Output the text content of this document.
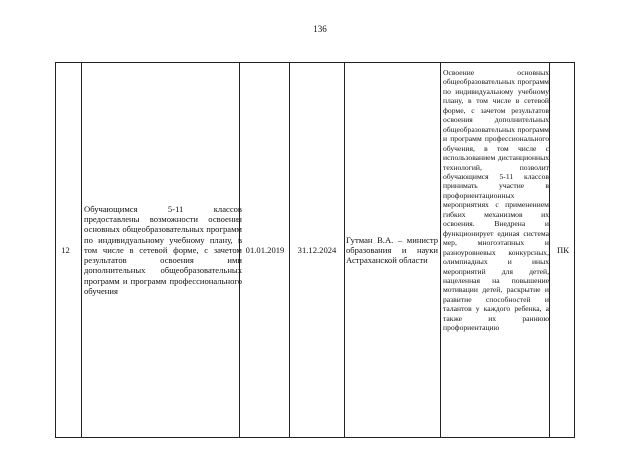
136
12
Обучающимся 5-11 классов предоставлены возможности освоения основных общеобразовательных программ по индивидуальному учебному плану, в том числе в сетевой форме, с зачетом результатов освоения ими дополнительных общеобразовательных программ и программ профессионального обучения
01.01.2019 31.12.2024
Гутман В.А. – министр образования и науки Астраханской области
Освоение основных общеобразовательных программ по индивидуальному учебному плану, в том числе в сетевой форме, с зачетом результатов освоения дополнительных общеобразовательных программ и программ профессионального обучения, в том числе с использованием дистанционных технологий, позволит обучающимся 5-11 классов принимать участие в профориентационных мероприятиях с применением гибких механизмов их освоения. Внедрена и функционирует единая система мер, многоэтапных и разноуровневых конкурсных, олимпиадных и иных мероприятий для детей, нацеленная на повышение мотивации детей, раскрытие и развитие способностей и талантов у каждого ребенка, а также их раннюю профориентацию
ПК
